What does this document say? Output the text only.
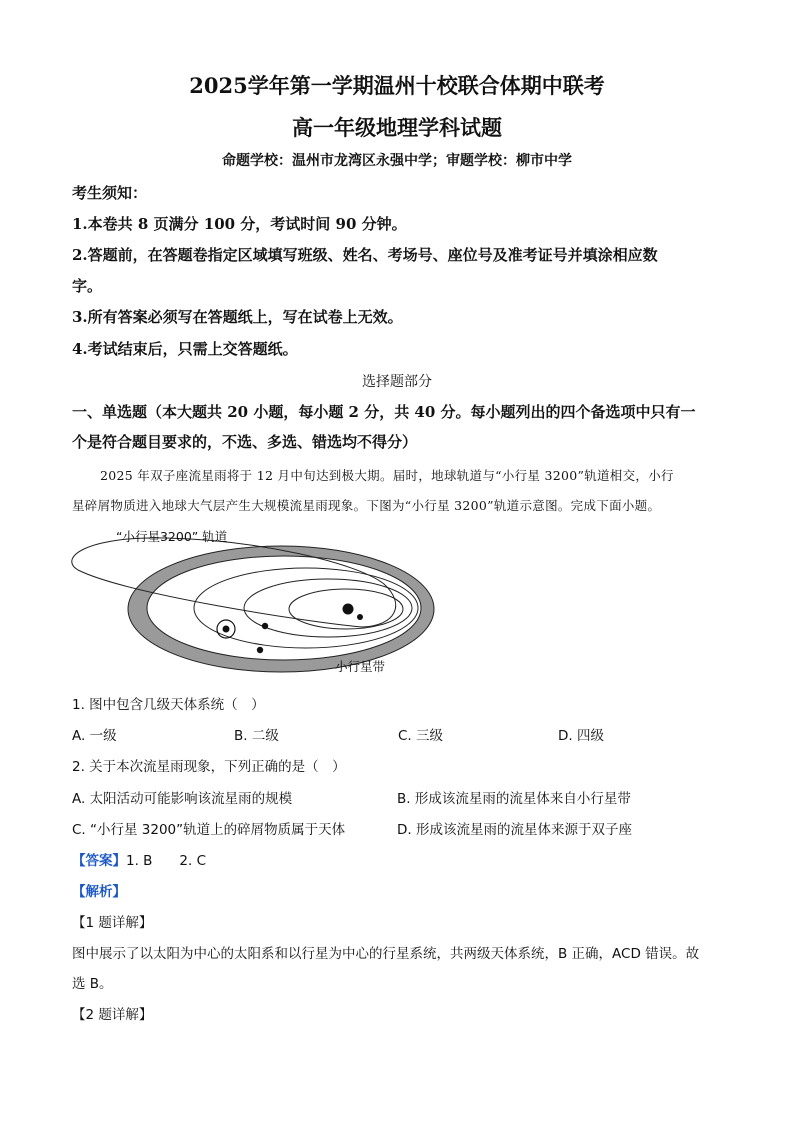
2025学年第一学期温州十校联合体期中联考
高一年级地理学科试题
命题学校：温州市龙湾区永强中学；审题学校：柳市中学
考生须知：
1.本卷共 8 页满分 100 分，考试时间 90 分钟。
2.答题前，在答题卷指定区域填写班级、姓名、考场号、座位号及准考证号并填涂相应数
字。
3.所有答案必须写在答题纸上，写在试卷上无效。
4.考试结束后，只需上交答题纸。
选择题部分
一、单选题（本大题共 20 小题，每小题 2 分，共 40 分。每小题列出的四个备选项中只有一
个是符合题目要求的，不选、多选、错选均不得分）
2025 年双子座流星雨将于 12 月中旬达到极大期。届时，地球轨道与“小行星 3200”轨道相交，小行
星碎屑物质进入地球大气层产生大规模流星雨现象。下图为“小行星 3200”轨道示意图。完成下面小题。
“小行星3200” 轨道
小行星带
1. 图中包含几级天体系统（　）
A. 一级	B. 二级	C. 三级	D. 四级
2. 关于本次流星雨现象，下列正确的是（　）
A. 太阳活动可能影响该流星雨的规模	B. 形成该流星雨的流星体来自小行星带
C. “小行星 3200”轨道上的碎屑物质属于天体	D. 形成该流星雨的流星体来源于双子座
【答案】1. B　　2. C
【解析】
【1 题详解】
图中展示了以太阳为中心的太阳系和以行星为中心的行星系统，共两级天体系统，B 正确，ACD 错误。故
选 B。
【2 题详解】
